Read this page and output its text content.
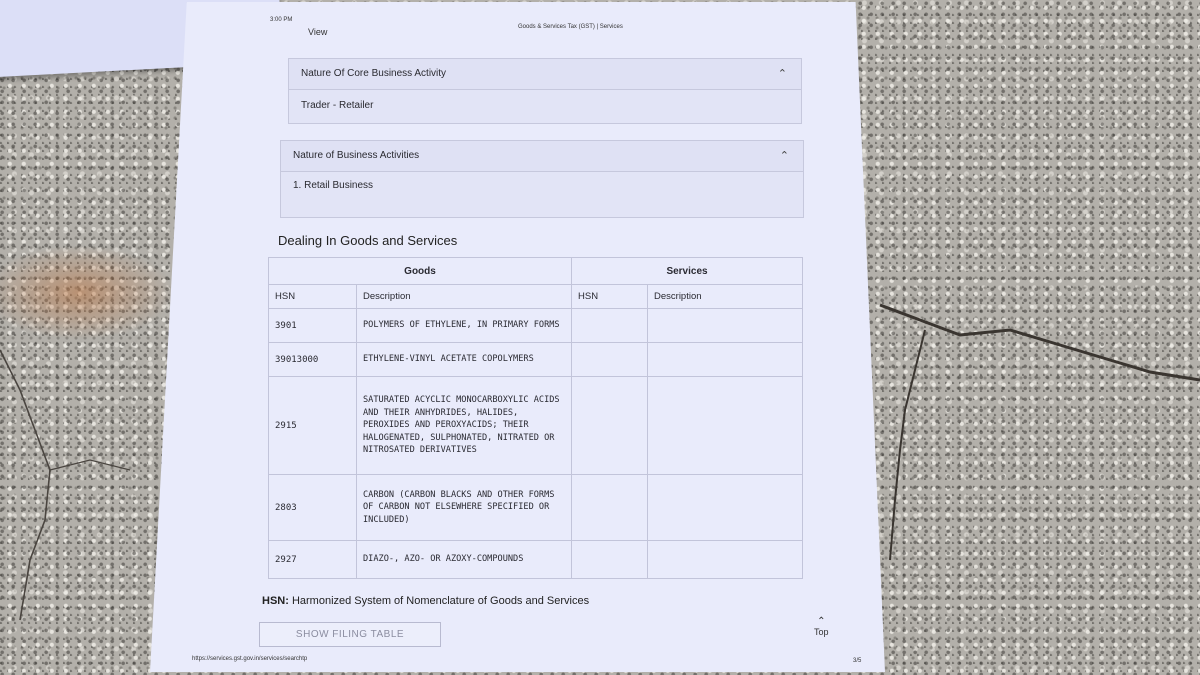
3:00 PM
View	Goods & Services Tax (GST) | Services
Nature Of Core Business Activity	⌃
Trader - Retailer
Nature of Business Activities	⌃
1. Retail Business
Dealing In Goods and Services
Goods		Services	
HSN	Description	HSN	Description
3901	POLYMERS OF ETHYLENE, IN PRIMARY FORMS		
39013000	ETHYLENE-VINYL ACETATE COPOLYMERS		
2915	SATURATED ACYCLIC MONOCARBOXYLIC ACIDS AND THEIR ANHYDRIDES, HALIDES, PEROXIDES AND PEROXYACIDS; THEIR HALOGENATED, SULPHONATED, NITRATED OR NITROSATED DERIVATIVES		
2803	CARBON (CARBON BLACKS AND OTHER FORMS OF CARBON NOT ELSEWHERE SPECIFIED OR INCLUDED)		
2927	DIAZO-, AZO- OR AZOXY-COMPOUNDS		
HSN: Harmonized System of Nomenclature of Goods and Services
SHOW FILING TABLE
⌃
Top
https://services.gst.gov.in/services/searchtp	3/5
